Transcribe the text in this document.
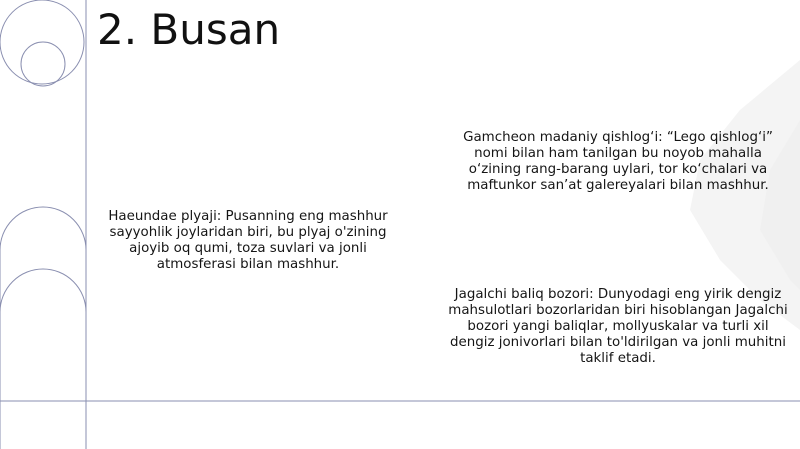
2. Busan
Gamcheon madaniy qishlog‘i: “Lego qishlog‘i” nomi bilan ham tanilgan bu noyob mahalla o‘zining rang-barang uylari, tor ko‘chalari va maftunkor san’at galereyalari bilan mashhur.
Haeundae plyaji: Pusanning eng mashhur sayyohlik joylaridan biri, bu plyaj o'zining ajoyib oq qumi, toza suvlari va jonli atmosferasi bilan mashhur.
Jagalchi baliq bozori: Dunyodagi eng yirik dengiz mahsulotlari bozorlaridan biri hisoblangan Jagalchi bozori yangi baliqlar, mollyuskalar va turli xil dengiz jonivorlari bilan to'ldirilgan va jonli muhitni taklif etadi.
